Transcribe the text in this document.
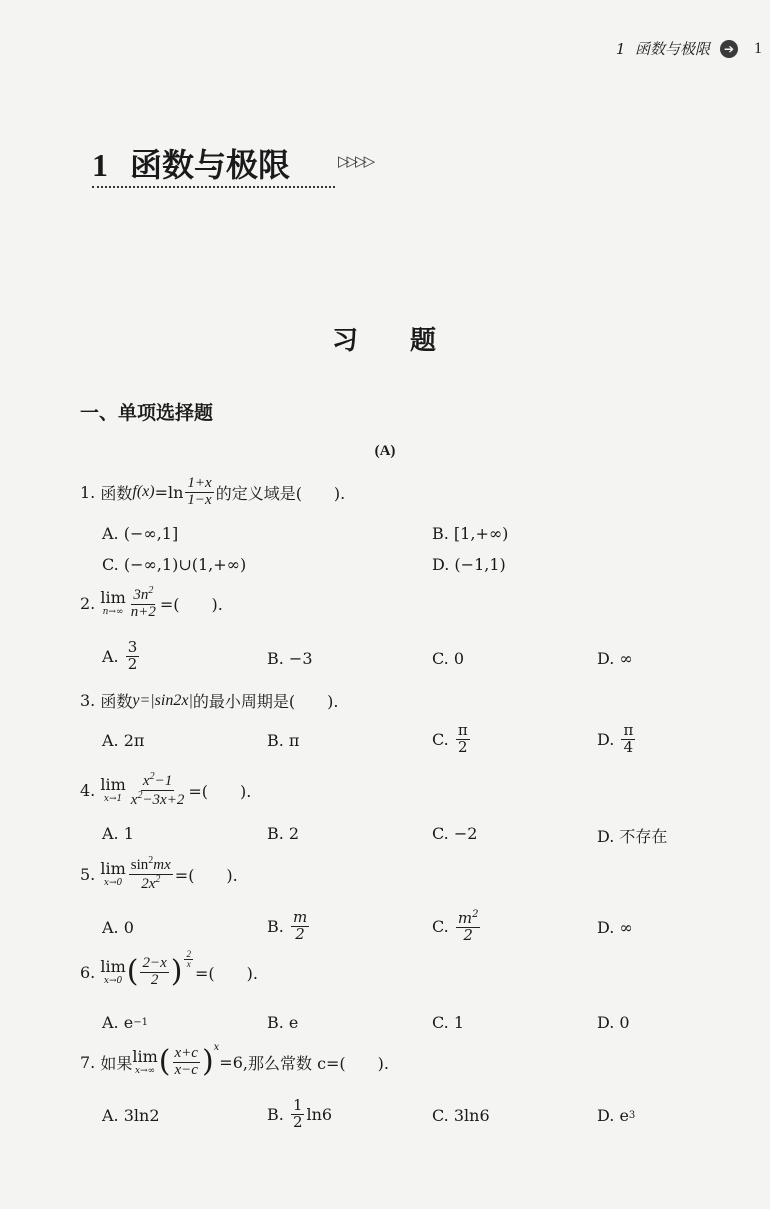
1 函数与极限	➔ 1
1 函数与极限	▷▷▷▷
习 题
一、单项选择题
(A)
1.
函数 $f(x) =\ln \frac{1+x}{1-x}$ 的定义域是(　　).
A. (−∞,1]	B. [1,+∞)
C. (−∞,1)∪(1,+∞)	D. (−1,1)
2.
lim
$n\to\infty \frac{3n^2}{n+2}$ =(　　).
A.
$\frac{3}{2}$	B. −3	C. 0	D. ∞
3.
函数 y=|sin2x| 的最小周期是(　　).
A. 2π	B. π	C.
$\frac{\pi}{2}$	D.
$\frac{\pi}{4}$
4.
lim
$x\to 1 \frac{x^2-1}{x^2-3x+2}$ =(　　).
A. 1	B. 2	C. −2	D. 不存在
5.
lim
$x\to 0 \frac{\sin^2mx}{2x^2}$ =(　　).
A. 0	B.
$\frac{m}{2}$	C.
$\frac{m^2}{2}$	D. ∞
6.
lim
x→0 ( $\frac{2-x}{2}$ ) $\frac{2}{x}$
=(　　).
A.
e −1	B. e	C. 1	D. 0
7.
如果 lim
x→∞ ( $\frac{x+c}{x-c} )^x$
=6 ,那么常数 c=(　　).
A. 3ln2	B.
$\frac{1}{2} \ln 6$	C. 3ln6	D.
e 3
